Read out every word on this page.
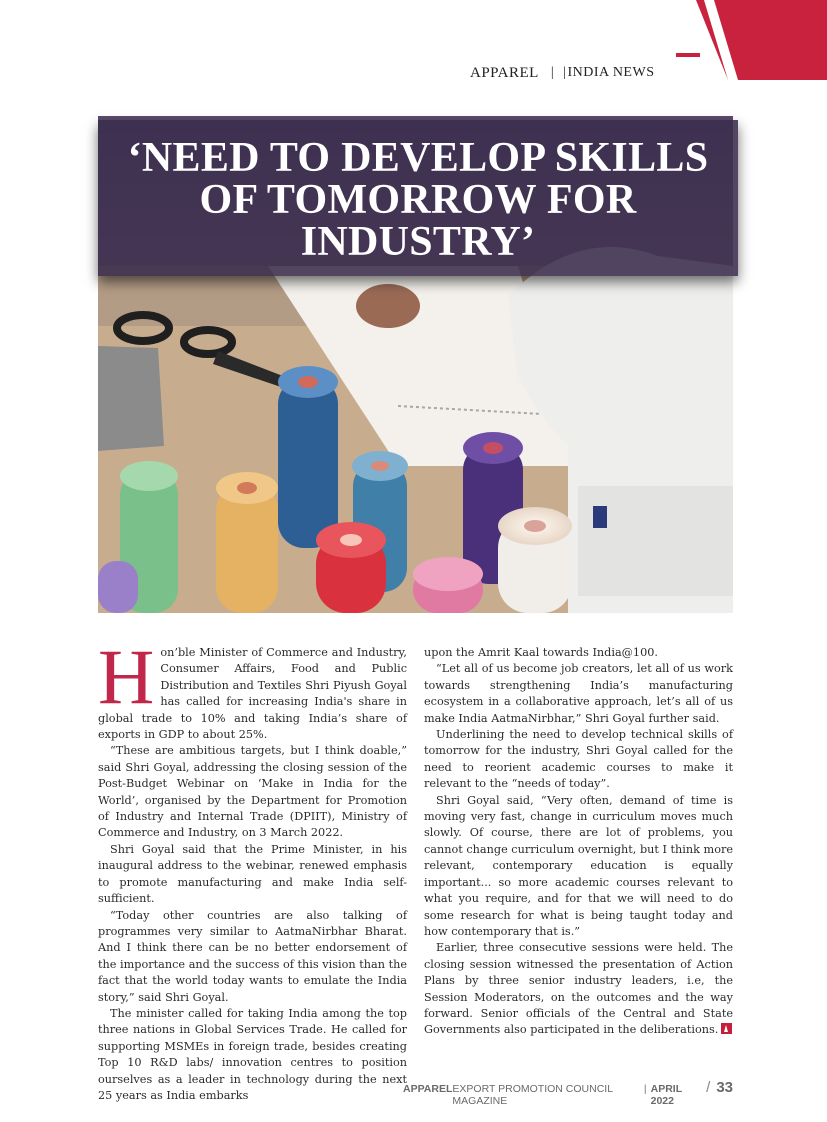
APPAREL | | INDIA NEWS
‘NEED TO DEVELOP SKILLS
OF TOMORROW FOR
INDUSTRY’

Hon’ble Minister of Commerce and Industry, Consumer Affairs, Food and Public Distribution and Textiles Shri Piyush Goyal has called for increasing India's share in global trade to 10% and taking India’s share of exports in GDP to about 25%.

“These are ambitious targets, but I think doable,” said Shri Goyal, addressing the closing session of the Post-Budget Webinar on ‘Make in India for the World’, organised by the Department for Promotion of Industry and Internal Trade (DPIIT), Ministry of Commerce and Industry, on 3 March 2022.

Shri Goyal said that the Prime Minister, in his inaugural address to the webinar, renewed emphasis to promote manufacturing and make India self-sufficient.

“Today other countries are also talking of programmes very similar to AatmaNirbhar Bharat. And I think there can be no better endorsement of the importance and the success of this vision than the fact that the world today wants to emulate the India story,” said Shri Goyal.

The minister called for taking India among the top three nations in Global Services Trade. He called for supporting MSMEs in foreign trade, besides creating Top 10 R&D labs/ innovation centres to position ourselves as a leader in technology during the next 25 years as India embarks

upon the Amrit Kaal towards India@100.

“Let all of us become job creators, let all of us work towards strengthening India’s manufacturing ecosystem in a collaborative approach, let’s all of us make India AatmaNirbhar,” Shri Goyal further said.

Underlining the need to develop technical skills of tomorrow for the industry, Shri Goyal called for the need to reorient academic courses to make it relevant to the “needs of today”.

Shri Goyal said, “Very often, demand of time is moving very fast, change in curriculum moves much slowly. Of course, there are lot of problems, you cannot change curriculum overnight, but I think more relevant, contemporary education is equally important... so more academic courses relevant to what you require, and for that we will need to do some research for what is being taught today and how contemporary that is.”

Earlier, three consecutive sessions were held. The closing session witnessed the presentation of Action Plans by three senior industry leaders, i.e, the Session Moderators, on the outcomes and the way forward. Senior officials of the Central and State Governments also participated in the deliberations.

APPAREL EXPORT PROMOTION COUNCIL MAGAZINE
| APRIL 2022
/ 33
